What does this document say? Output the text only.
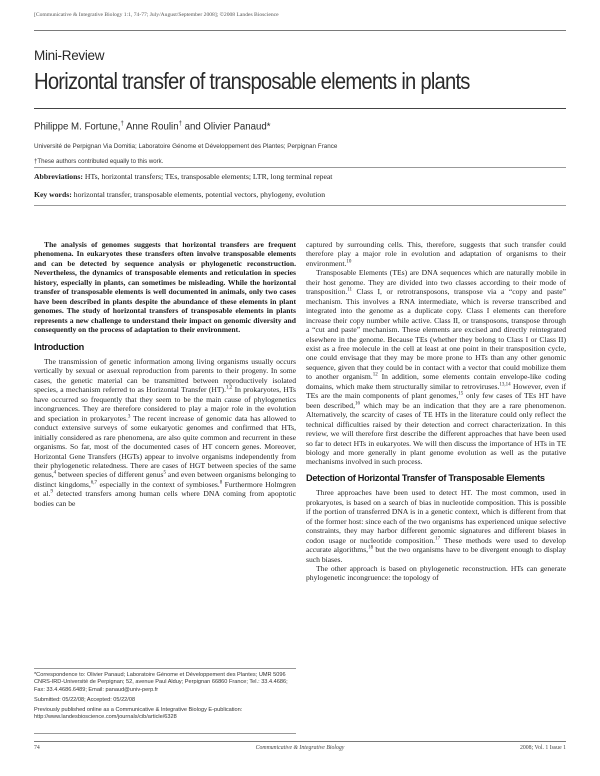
[Communicative & Integrative Biology 1:1, 74-77; July/August/September 2008]; ©2008 Landes Bioscience
Mini-Review
Horizontal transfer of transposable elements in plants
Philippe M. Fortune,† Anne Roulin† and Olivier Panaud*
Université de Perpignan Via Domitia; Laboratoire Génome et Développement des Plantes; Perpignan France
†These authors contributed equally to this work.
Abbreviations: HTs, horizontal transfers; TEs, transposable elements; LTR, long terminal repeat
Key words: horizontal transfer, transposable elements, potential vectors, phylogeny, evolution

The analysis of genomes suggests that horizontal transfers are frequent phenomena. In eukaryotes these transfers often involve transposable elements and can be detected by sequence analysis or phylogenetic reconstruction. Nevertheless, the dynamics of transposable elements and reticulation in species history, especially in plants, can sometimes be misleading. While the horizontal transfer of transposable elements is well documented in animals, only two cases have been described in plants despite the abundance of these elements in plant genomes. The study of horizontal transfers of transposable elements in plants represents a new challenge to understand their impact on genomic diversity and consequently on the process of adaptation to their environment.

Introduction

The transmission of genetic information among living organisms usually occurs vertically by sexual or asexual reproduction from parents to their progeny. In some cases, the genetic material can be transmitted between reproductively isolated species, a mechanism referred to as Horizontal Transfer (HT).$^{1,2}$ In prokaryotes, HTs have occurred so frequently that they seem to be the main cause of phylogenetics incongruences. They are therefore considered to play a major role in the evolution and speciation in prokaryotes.$^3$ The recent increase of genomic data has allowed to conduct extensive surveys of some eukaryotic genomes and confirmed that HTs, initially considered as rare phenomena, are also quite common and recurrent in these organisms. So far, most of the documented cases of HT concern genes. Moreover, Horizontal Gene Transfers (HGTs) appear to involve organisms independently from their phylogenetic relatedness. There are cases of HGT between species of the same genus,$^4$ between species of different genus$^5$ and even between organisms belonging to distinct kingdoms,$^{6,7}$ especially in the context of symbioses.$^8$ Furthermore Holmgren et al.$^9$ detected transfers among human cells where DNA coming from apoptotic bodies can be

*Correspondence to: Olivier Panaud; Laboratoire Génome et Développement des Plantes; UMR 5096 CNRS-IRD-Université de Perpignan; 52, avenue Paul Alduy; Perpignan 66860 France; Tel.: 33.4.4686; Fax: 33.4.4686.6489; Email: panaud@univ-perp.fr

Submitted: 05/22/08; Accepted: 05/22/08

Previously published online as a Communicative & Integrative Biology E-publication:

http://www.landesbioscience.com/journals/cib/article/6328

captured by surrounding cells. This, therefore, suggests that such transfer could therefore play a major role in evolution and adaptation of organisms to their environment.$^{10}$

Transposable Elements (TEs) are DNA sequences which are naturally mobile in their host genome. They are divided into two classes according to their mode of transposition.$^{11}$ Class I, or retrotransposons, transpose via a “copy and paste” mechanism. This involves a RNA intermediate, which is reverse transcribed and integrated into the genome as a duplicate copy. Class I elements can therefore increase their copy number while active. Class II, or transposons, transpose through a “cut and paste” mechanism. These elements are excised and directly reintegrated elsewhere in the genome. Because TEs (whether they belong to Class I or Class II) exist as a free molecule in the cell at least at one point in their transposition cycle, one could envisage that they may be more prone to HTs than any other genomic sequence, given that they could be in contact with a vector that could mobilize them to another organism.$^{12}$ In addition, some elements contain envelope-like coding domains, which make them structurally similar to retroviruses.$^{13,14}$ However, even if TEs are the main components of plant genomes,$^{15}$ only few cases of TEs HT have been described,$^{16}$ which may be an indication that they are a rare phenomenon. Alternatively, the scarcity of cases of TE HTs in the literature could only reflect the technical difficulties raised by their detection and correct characterization. In this review, we will therefore first describe the different approaches that have been used so far to detect HTs in eukaryotes. We will then discuss the importance of HTs in TE biology and more generally in plant genome evolution as well as the putative mechanisms involved in such process.

Detection of Horizontal Transfer of Transposable Elements

Three approaches have been used to detect HT. The most common, used in prokaryotes, is based on a search of bias in nucleotide composition. This is possible if the portion of transferred DNA is in a genetic context, which is different from that of the former host: since each of the two organisms has experienced unique selective constraints, they may harbor different genomic signatures and different biases in codon usage or nucleotide composition.$^{17}$ These methods were used to develop accurate algorithms,$^{18}$ but the two organisms have to be divergent enough to display such biases.

The other approach is based on phylogenetic reconstruction. HTs can generate phylogenetic incongruence: the topology of

74	Communicative & Integrative Biology	2008; Vol. 1 Issue 1
